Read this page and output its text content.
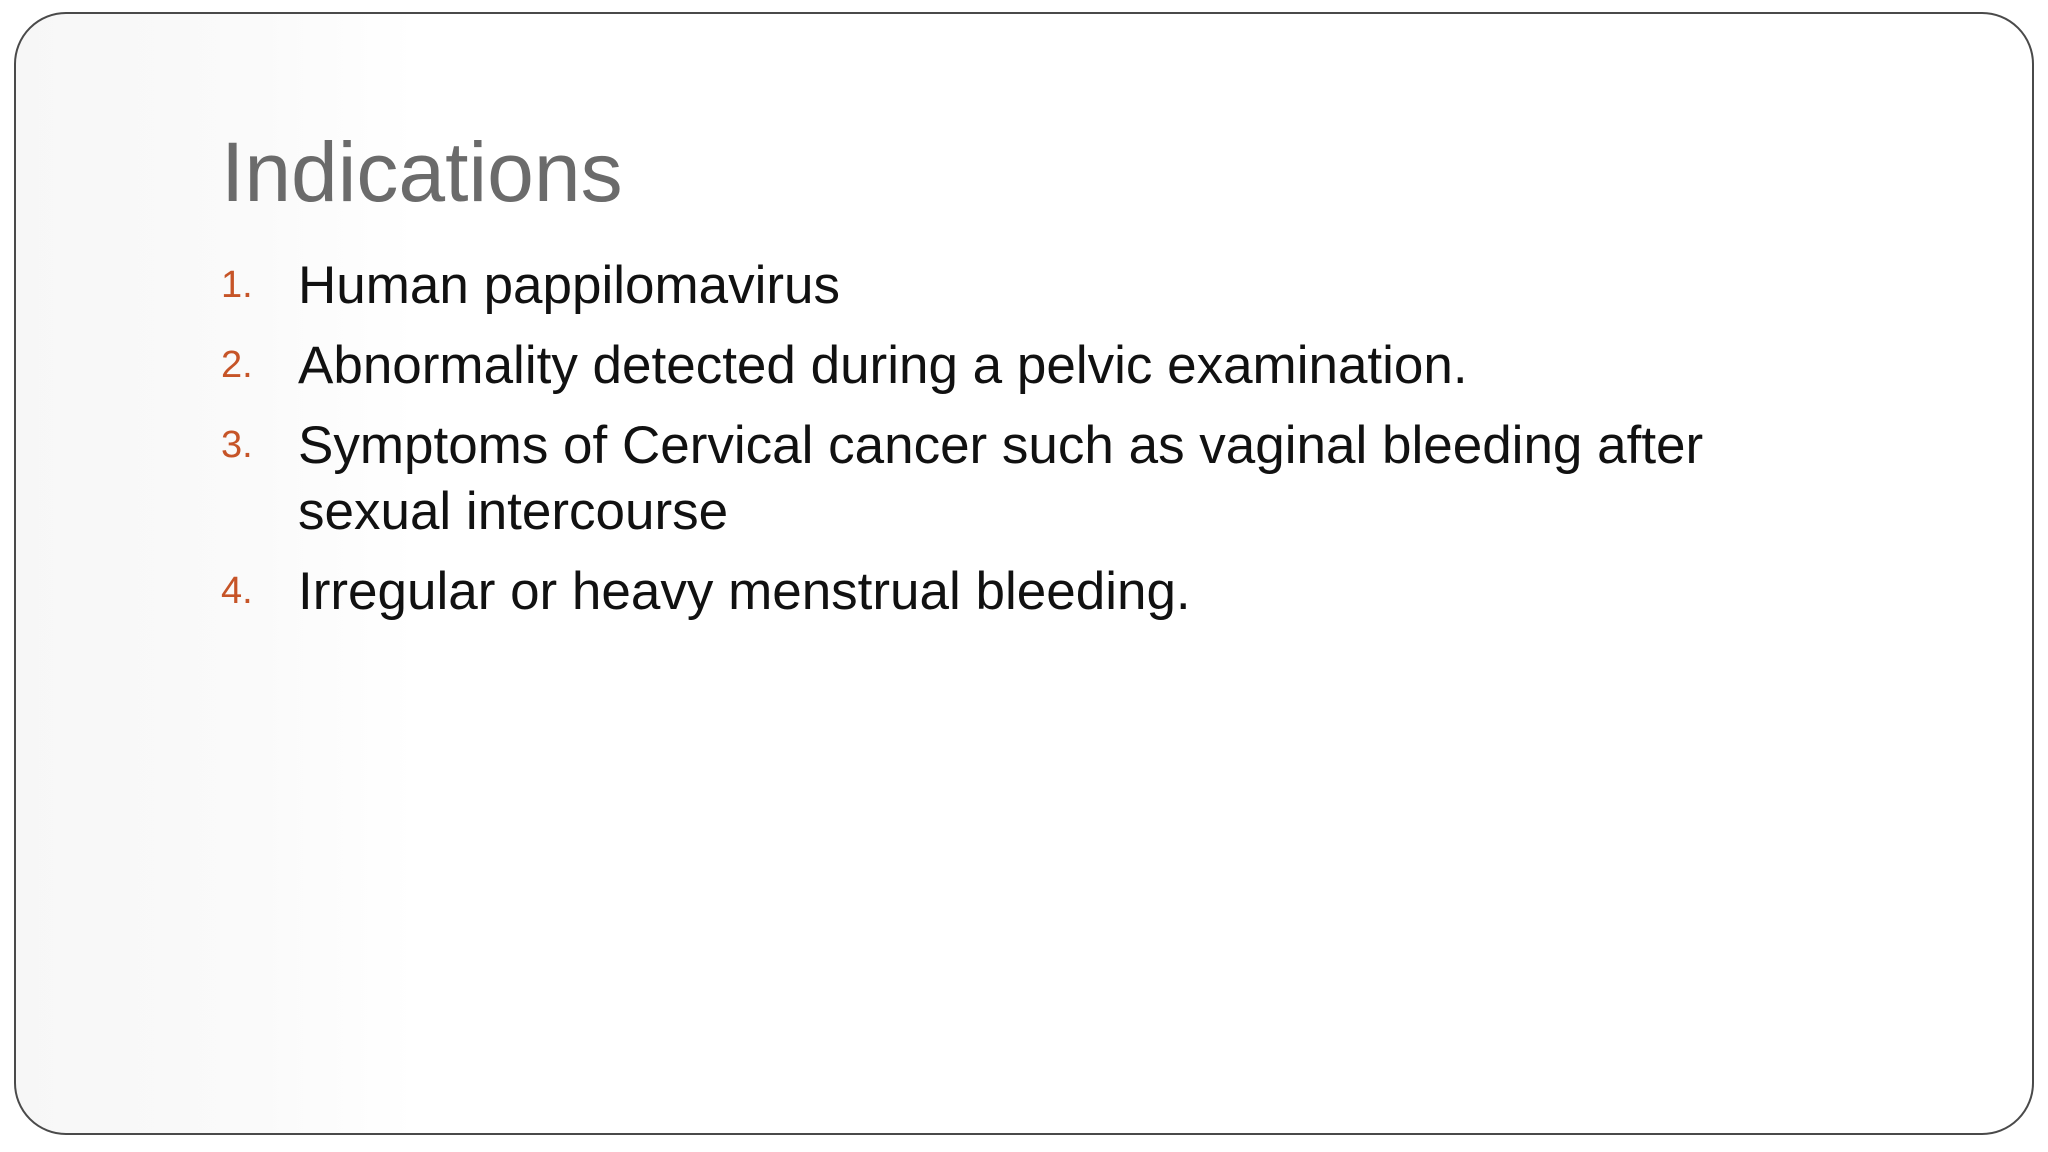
Indications
1. Human pappilomavirus
2. Abnormality detected during a pelvic examination.
3. Symptoms of Cervical cancer such as vaginal bleeding after sexual intercourse
4. Irregular or heavy menstrual bleeding.
